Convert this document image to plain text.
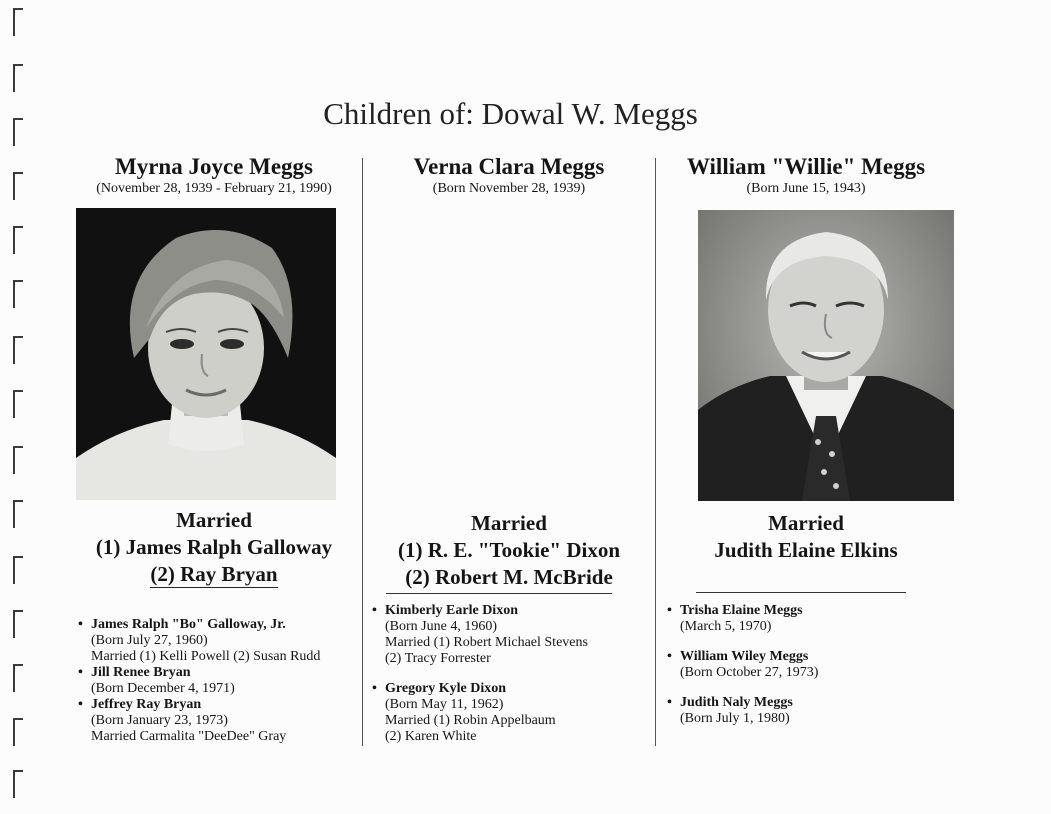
Children of: Dowal W. Meggs
Myrna Joyce Meggs
(November 28, 1939 - February 21, 1990)
Married
(1) James Ralph Galloway
(2) Ray Bryan
• James Ralph "Bo" Galloway, Jr.
(Born July 27, 1960)
Married (1) Kelli Powell (2) Susan Rudd
• Jill Renee Bryan
(Born December 4, 1971)
• Jeffrey Ray Bryan
(Born January 23, 1973)
Married Carmalita "DeeDee" Gray
Verna Clara Meggs
(Born November 28, 1939)
Married
(1) R. E. "Tookie" Dixon
(2) Robert M. McBride
• Kimberly Earle Dixon
(Born June 4, 1960)
Married (1) Robert Michael Stevens
(2) Tracy Forrester
• Gregory Kyle Dixon
(Born May 11, 1962)
Married (1) Robin Appelbaum
(2) Karen White
William "Willie" Meggs
(Born June 15, 1943)
Married
Judith Elaine Elkins
• Trisha Elaine Meggs
(March 5, 1970)
• William Wiley Meggs
(Born October 27, 1973)
• Judith Naly Meggs
(Born July 1, 1980)
